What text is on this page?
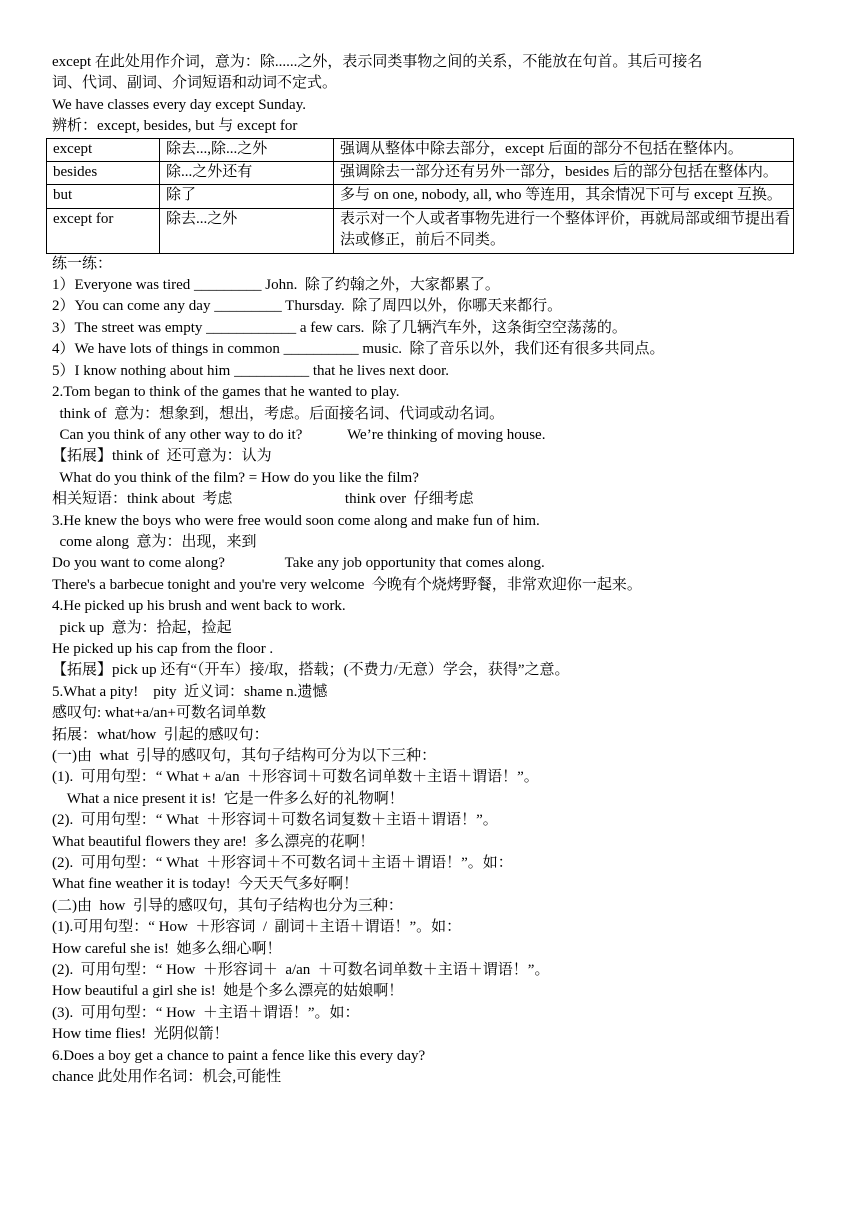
except 在此处用作介词，意为：除......之外，表示同类事物之间的关系，不能放在句首。其后可接名
词、代词、副词、介词短语和动词不定式。
We have classes every day except Sunday.
辨析：except, besides, but 与 except for
except	除去...,除...之外	强调从整体中除去部分，except 后面的部分不包括在整体内。
besides	除...之外还有	强调除去一部分还有另外一部分，besides 后的部分包括在整体内。
but	除了	多与 on one, nobody, all, who 等连用，其余情况下可与 except 互换。
except for	除去...之外	表示对一个人或者事物先进行一个整体评价，再就局部或细节提出看法或修正，前后不同类。
练一练：
1）Everyone was tired _________ John.  除了约翰之外，大家都累了。
2）You can come any day _________ Thursday.  除了周四以外，你哪天来都行。
3）The street was empty ____________ a few cars.  除了几辆汽车外，这条街空空荡荡的。
4）We have lots of things in common __________ music.  除了音乐以外，我们还有很多共同点。
5）I know nothing about him __________ that he lives next door.
2.Tom began to think of the games that he wanted to play.
think of  意为：想象到，想出，考虑。后面接名词、代词或动名词。
Can you think of any other way to do it?            We’re thinking of moving house.
【拓展】think of  还可意为：认为
What do you think of the film? = How do you like the film?
相关短语：think about  考虑                              think over  仔细考虑
3.He knew the boys who were free would soon come along and make fun of him.
come along  意为：出现，来到
Do you want to come along?                Take any job opportunity that comes along.
There's a barbecue tonight and you're very welcome  今晚有个烧烤野餐，非常欢迎你一起来。
4.He picked up his brush and went back to work.
pick up  意为：拾起，捡起
He picked up his cap from the floor .
【拓展】pick up 还有“（开车）接/取，搭载；(不费力/无意）学会，获得”之意。
5.What a pity!    pity  近义词：shame n.遗憾
感叹句: what+a/an+可数名词单数
拓展：what/how  引起的感叹句：
(一)由  what  引导的感叹句，其句子结构可分为以下三种：
(1).  可用句型：“ What + a/an  ＋形容词＋可数名词单数＋主语＋谓语！”。
What a nice present it is!  它是一件多么好的礼物啊！
(2).  可用句型：“ What  ＋形容词＋可数名词复数＋主语＋谓语！”。
What beautiful flowers they are!  多么漂亮的花啊！
(2).  可用句型：“ What  ＋形容词＋不可数名词＋主语＋谓语！”。如：
What fine weather it is today!  今天天气多好啊！
(二)由  how  引导的感叹句，其句子结构也分为三种：
(1).可用句型：“ How  ＋形容词  /  副词＋主语＋谓语！”。如：
How careful she is!  她多么细心啊！
(2).  可用句型：“ How  ＋形容词＋  a/an  ＋可数名词单数＋主语＋谓语！”。
How beautiful a girl she is!  她是个多么漂亮的姑娘啊！
(3).  可用句型：“ How  ＋主语＋谓语！”。如：
How time flies!  光阴似箭！
6.Does a boy get a chance to paint a fence like this every day?
chance 此处用作名词：机会,可能性
